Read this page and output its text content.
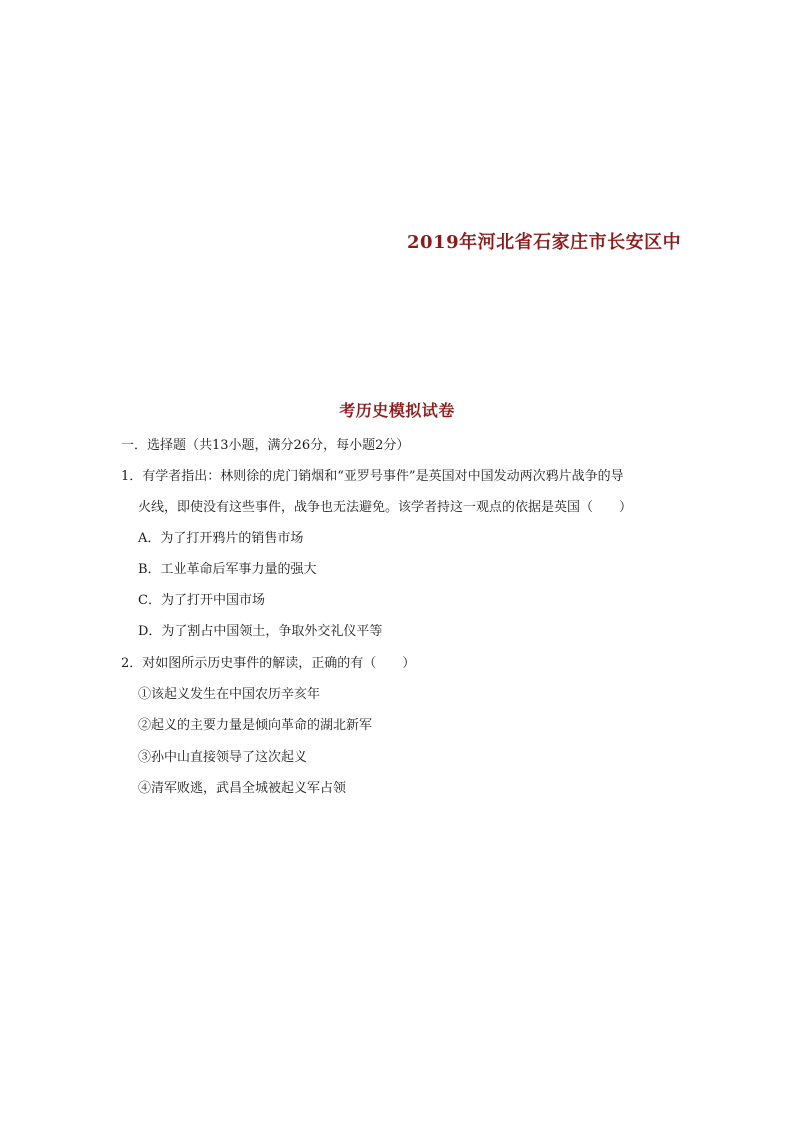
2019年河北省石家庄市长安区中
考历史模拟试卷
一．选择题（共13小题，满分26分，每小题2分）
1．有学者指出：林则徐的虎门销烟和“亚罗号事件”是英国对中国发动两次鸦片战争的导
火线，即使没有这些事件，战争也无法避免。该学者持这一观点的依据是英国（　　）
A．为了打开鸦片的销售市场
B．工业革命后军事力量的强大
C．为了打开中国市场
D．为了割占中国领土，争取外交礼仪平等
2．对如图所示历史事件的解读，正确的有（　　）
①该起义发生在中国农历辛亥年
②起义的主要力量是倾向革命的湖北新军
③孙中山直接领导了这次起义
④清军败逃，武昌全城被起义军占领
